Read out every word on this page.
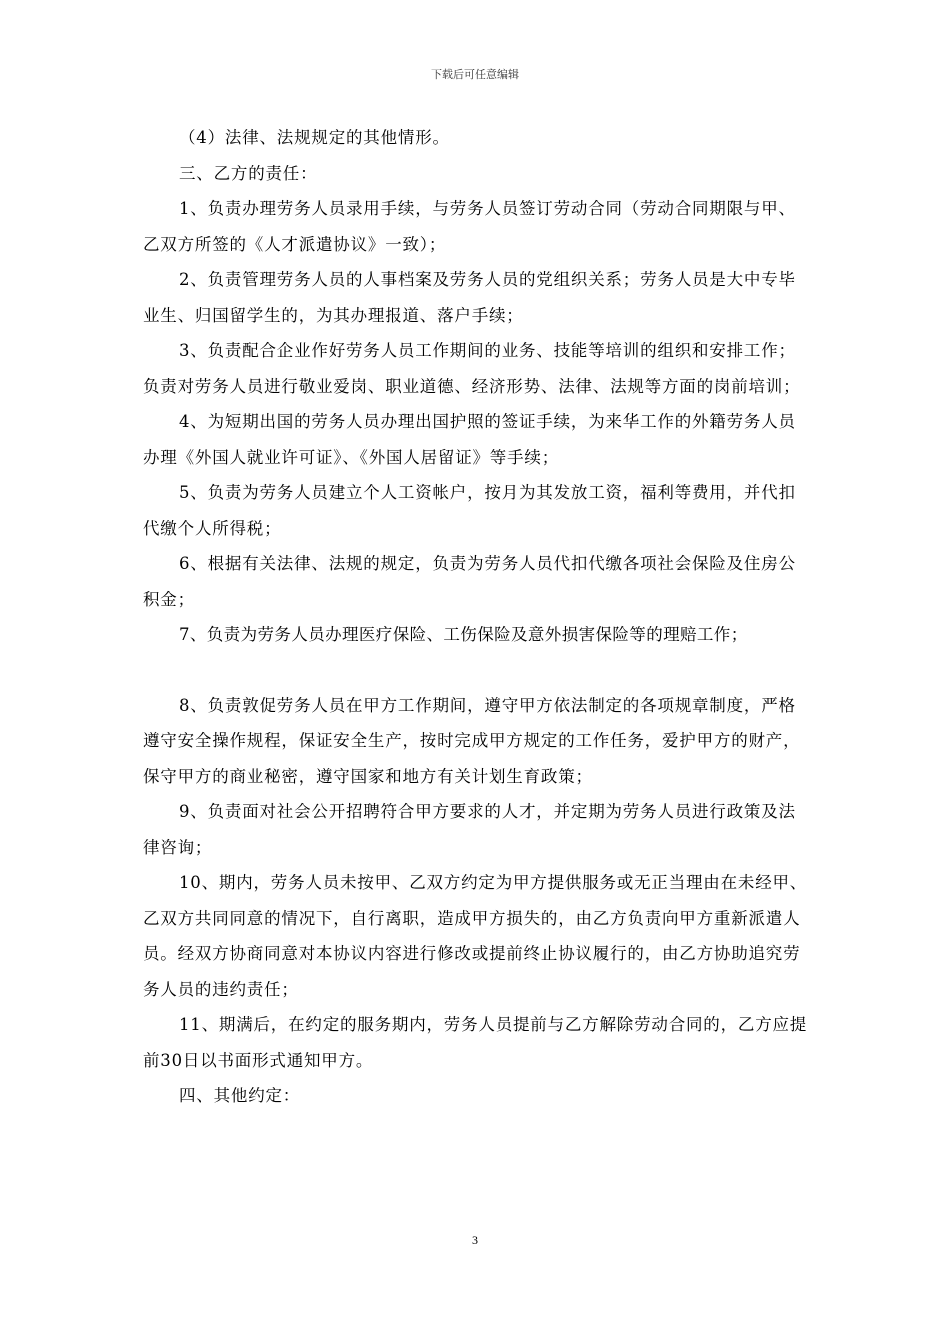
下载后可任意编辑

（4）法律、法规规定的其他情形。

三、乙方的责任：

1、负责办理劳务人员录用手续，与劳务人员签订劳动合同（劳动合同期限与甲、乙双方所签的《人才派遣协议》一致）；

2、负责管理劳务人员的人事档案及劳务人员的党组织关系；劳务人员是大中专毕业生、归国留学生的，为其办理报道、落户手续；

3、负责配合企业作好劳务人员工作期间的业务、技能等培训的组织和安排工作；负责对劳务人员进行敬业爱岗、职业道德、经济形势、法律、法规等方面的岗前培训；

4、为短期出国的劳务人员办理出国护照的签证手续，为来华工作的外籍劳务人员办理《外国人就业许可证》、《外国人居留证》等手续；

5、负责为劳务人员建立个人工资帐户，按月为其发放工资，福利等费用，并代扣代缴个人所得税；

6、根据有关法律、法规的规定，负责为劳务人员代扣代缴各项社会保险及住房公积金；

7、负责为劳务人员办理医疗保险、工伤保险及意外损害保险等的理赔工作；

8、负责敦促劳务人员在甲方工作期间，遵守甲方依法制定的各项规章制度，严格遵守安全操作规程，保证安全生产，按时完成甲方规定的工作任务，爱护甲方的财产，保守甲方的商业秘密，遵守国家和地方有关计划生育政策；

9、负责面对社会公开招聘符合甲方要求的人才，并定期为劳务人员进行政策及法律咨询；

10、期内，劳务人员未按甲、乙双方约定为甲方提供服务或无正当理由在未经甲、乙双方共同同意的情况下，自行离职，造成甲方损失的，由乙方负责向甲方重新派遣人员。经双方协商同意对本协议内容进行修改或提前终止协议履行的，由乙方协助追究劳务人员的违约责任；

11、期满后，在约定的服务期内，劳务人员提前与乙方解除劳动合同的，乙方应提前30日以书面形式通知甲方。

四、其他约定：

3
